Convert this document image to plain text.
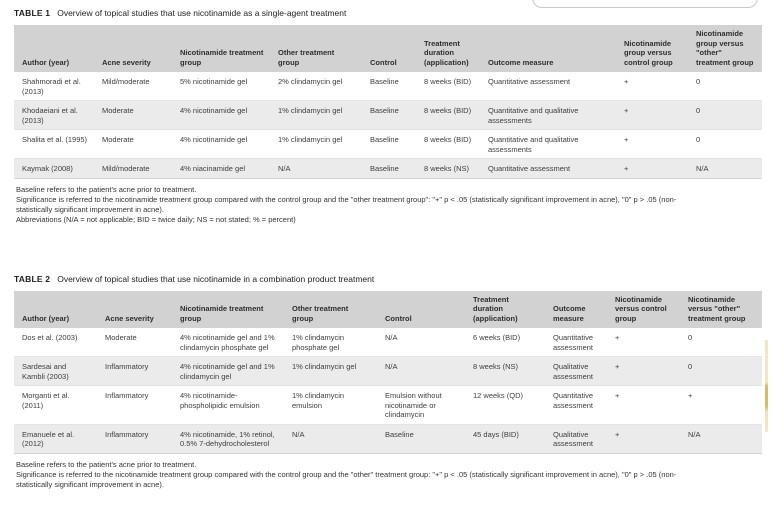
TABLE 1 Overview of topical studies that use nicotinamide as a single-agent treatment
Author (year)	Acne severity	Nicotinamide treatment group	Other treatment group	Control	Treatment duration (application)	Outcome measure	Nicotinamide group versus control group	Nicotinamide group versus "other" treatment group
Shahmoradi et al. (2013)	Mild/moderate	5% nicotinamide gel	2% clindamycin gel	Baseline	8 weeks (BID)	Quantitative assessment	+	0
Khodaeiani et al. (2013)	Moderate	4% nicotinamide gel	1% clindamycin gel	Baseline	8 weeks (BID)	Quantitative and qualitative assessments	+	0
Shalita et al. (1995)	Moderate	4% nicotinamide gel	1% clindamycin gel	Baseline	8 weeks (BID)	Quantitative and qualitative assessments	+	0
Kaymak (2008)	Mild/moderate	4% niacinamide gel	N/A	Baseline	8 weeks (NS)	Quantitative assessment	+	N/A
Baseline refers to the patient's acne prior to treatment.
Significance is referred to the nicotinamide treatment group compared with the control group and the "other treatment group": "+" p < .05 (statistically significant improvement in acne), "0" p > .05 (non-
statistically significant improvement in acne).
Abbreviations (N/A = not applicable; BID = twice daily; NS = not stated; % = percent)
TABLE 2 Overview of topical studies that use nicotinamide in a combination product treatment
Author (year)	Acne severity	Nicotinamide treatment group	Other treatment group	Control	Treatment duration (application)	Outcome measure	Nicotinamide versus control group	Nicotinamide versus "other" treatment group
Dos et al. (2003)	Moderate	4% nicotinamide gel and 1% clindamycin phosphate gel	1% clindamycin phosphate gel	N/A	6 weeks (BID)	Quantitative assessment	+	0
Sardesai and Kambli (2003)	Inflammatory	4% nicotinamide gel and 1% clindamycin gel	1% clindamycin gel	N/A	8 weeks (NS)	Qualitative assessment	+	0
Morganti et al. (2011)	Inflammatory	4% nicotinamide-phospholipidic emulsion	1% clindamycin emulsion	Emulsion without nicotinamide or clindamycin	12 weeks (QD)	Quantitative assessment	+	+
Emanuele et al. (2012)	Inflammatory	4% nicotinamide, 1% retinol, 0.5% 7-dehydrocholesterol	N/A	Baseline	45 days (BID)	Qualitative assessment	+	N/A
Baseline refers to the patient's acne prior to treatment.
Significance is referred to the nicotinamide treatment group compared with the control group and the "other" treatment group: "+" p < .05 (statistically significant improvement in acne), "0" p > .05 (non-
statistically significant improvement in acne).
